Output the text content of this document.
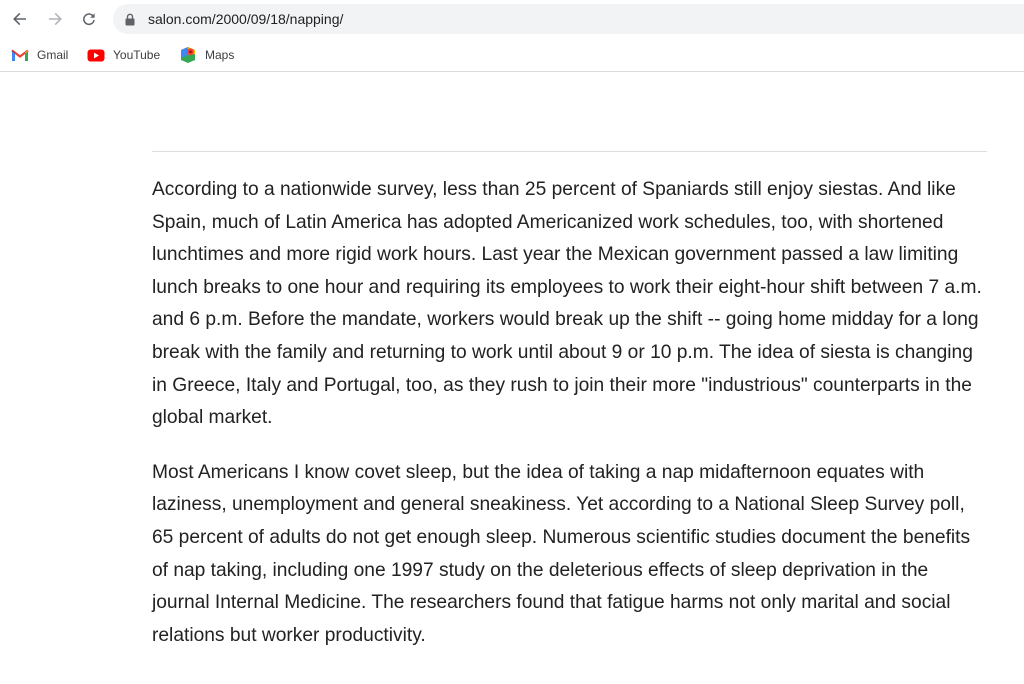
salon.com/2000/09/18/napping/
Gmail	YouTube	Maps

According to a nationwide survey, less than 25 percent of Spaniards still enjoy siestas. And like Spain, much of Latin America has adopted Americanized work schedules, too, with shortened lunchtimes and more rigid work hours. Last year the Mexican government passed a law limiting lunch breaks to one hour and requiring its employees to work their eight-hour shift between 7 a.m. and 6 p.m. Before the mandate, workers would break up the shift -- going home midday for a long break with the family and returning to work until about 9 or 10 p.m. The idea of siesta is changing in Greece, Italy and Portugal, too, as they rush to join their more "industrious" counterparts in the global market.

Most Americans I know covet sleep, but the idea of taking a nap midafternoon equates with laziness, unemployment and general sneakiness. Yet according to a National Sleep Survey poll, 65 percent of adults do not get enough sleep. Numerous scientific studies document the benefits of nap taking, including one 1997 study on the deleterious effects of sleep deprivation in the journal Internal Medicine. The researchers found that fatigue harms not only marital and social relations but worker productivity.
